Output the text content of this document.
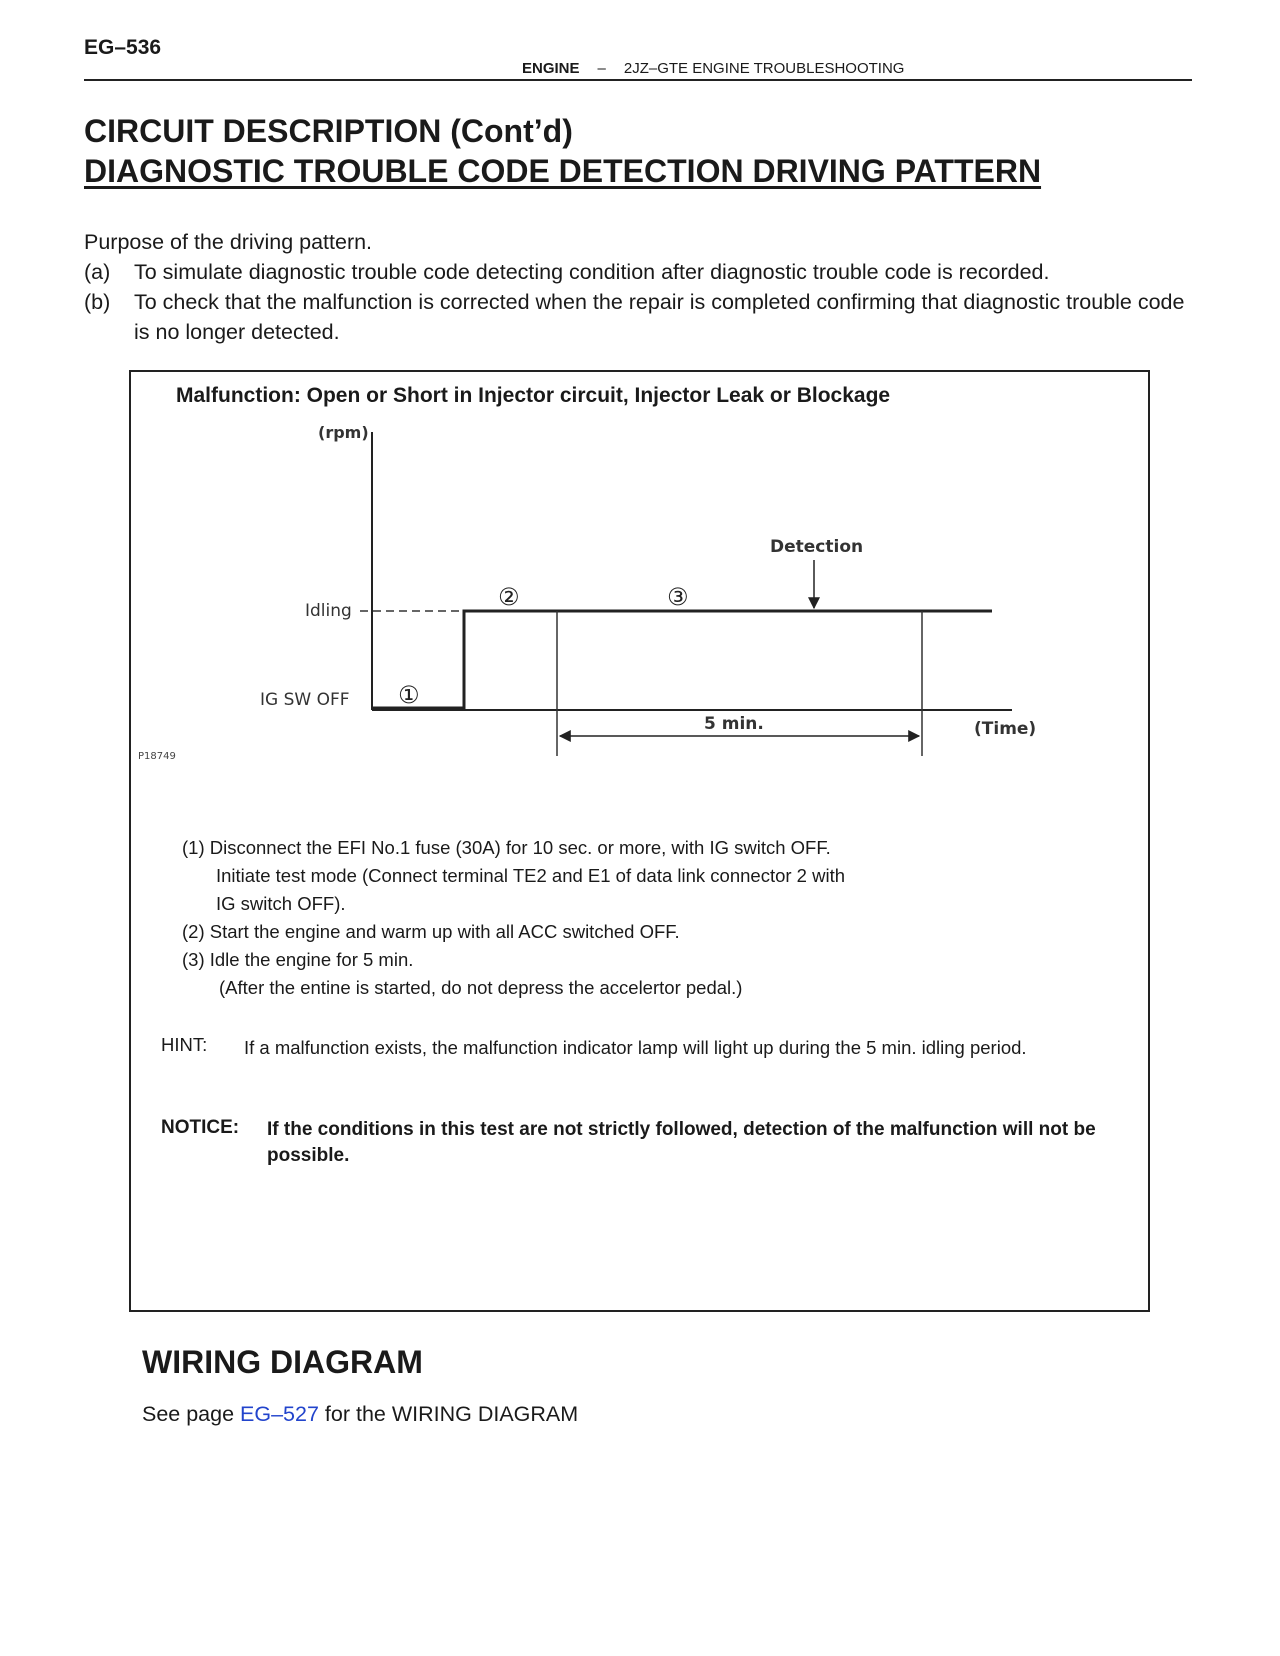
EG–536
ENGINE – 2JZ–GTE ENGINE TROUBLESHOOTING
CIRCUIT DESCRIPTION (Cont’d)
DIAGNOSTIC TROUBLE CODE DETECTION DRIVING PATTERN
Purpose of the driving pattern.
(a)	To simulate diagnostic trouble code detecting condition after diagnostic trouble code is recorded.
(b)	To check that the malfunction is corrected when the repair is completed confirming that diagnostic trouble code is no longer detected.
Malfunction: Open or Short in Injector circuit, Injector Leak or Blockage
(rpm)
(Time)
Idling
IG SW OFF
5 min.
Detection
①
②	③
P18749
(1) Disconnect the EFI No.1 fuse (30A) for 10 sec. or more, with IG switch OFF.
Initiate test mode (Connect terminal TE2 and E1 of data link connector 2 with
IG switch OFF).
(2) Start the engine and warm up with all ACC switched OFF.
(3) Idle the engine for 5 min.
(After the entine is started, do not depress the accelertor pedal.)
HINT: If a malfunction exists, the malfunction indicator lamp will light up during the 5 min. idling period.
NOTICE: If the conditions in this test are not strictly followed, detection of the malfunction will not be possible.
WIRING DIAGRAM
See page EG–527 for the WIRING DIAGRAM
